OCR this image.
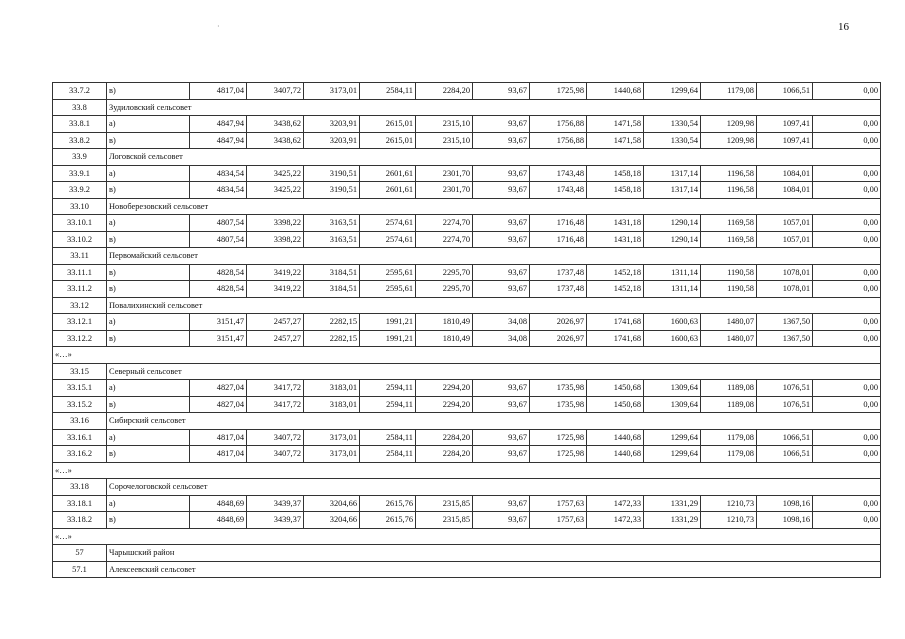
16
·
33.7.2	в)	4817,04	3407,72	3173,01	2584,11	2284,20	93,67	1725,98	1440,68	1299,64	1179,08	1066,51	0,00
33.8	Зудиловский сельсовет												
33.8.1	а)	4847,94	3438,62	3203,91	2615,01	2315,10	93,67	1756,88	1471,58	1330,54	1209,98	1097,41	0,00
33.8.2	в)	4847,94	3438,62	3203,91	2615,01	2315,10	93,67	1756,88	1471,58	1330,54	1209,98	1097,41	0,00
33.9	Логовской сельсовет												
33.9.1	а)	4834,54	3425,22	3190,51	2601,61	2301,70	93,67	1743,48	1458,18	1317,14	1196,58	1084,01	0,00
33.9.2	в)	4834,54	3425,22	3190,51	2601,61	2301,70	93,67	1743,48	1458,18	1317,14	1196,58	1084,01	0,00
33.10	Новоберезовский сельсовет												
33.10.1	а)	4807,54	3398,22	3163,51	2574,61	2274,70	93,67	1716,48	1431,18	1290,14	1169,58	1057,01	0,00
33.10.2	в)	4807,54	3398,22	3163,51	2574,61	2274,70	93,67	1716,48	1431,18	1290,14	1169,58	1057,01	0,00
33.11	Первомайский сельсовет												
33.11.1	в)	4828,54	3419,22	3184,51	2595,61	2295,70	93,67	1737,48	1452,18	1311,14	1190,58	1078,01	0,00
33.11.2	в)	4828,54	3419,22	3184,51	2595,61	2295,70	93,67	1737,48	1452,18	1311,14	1190,58	1078,01	0,00
33.12	Повалихинский сельсовет												
33.12.1	а)	3151,47	2457,27	2282,15	1991,21	1810,49	34,08	2026,97	1741,68	1600,63	1480,07	1367,50	0,00
33.12.2	в)	3151,47	2457,27	2282,15	1991,21	1810,49	34,08	2026,97	1741,68	1600,63	1480,07	1367,50	0,00
«…»													
33.15	Северный сельсовет												
33.15.1	а)	4827,04	3417,72	3183,01	2594,11	2294,20	93,67	1735,98	1450,68	1309,64	1189,08	1076,51	0,00
33.15.2	в)	4827,04	3417,72	3183,01	2594,11	2294,20	93,67	1735,98	1450,68	1309,64	1189,08	1076,51	0,00
33.16	Сибирский сельсовет												
33.16.1	а)	4817,04	3407,72	3173,01	2584,11	2284,20	93,67	1725,98	1440,68	1299,64	1179,08	1066,51	0,00
33.16.2	в)	4817,04	3407,72	3173,01	2584,11	2284,20	93,67	1725,98	1440,68	1299,64	1179,08	1066,51	0,00
«…»													
33.18	Сорочелоговской сельсовет												
33.18.1	а)	4848,69	3439,37	3204,66	2615,76	2315,85	93,67	1757,63	1472,33	1331,29	1210,73	1098,16	0,00
33.18.2	в)	4848,69	3439,37	3204,66	2615,76	2315,85	93,67	1757,63	1472,33	1331,29	1210,73	1098,16	0,00
«…»													
57	Чарышский район												
57.1	Алексеевский сельсовет												
